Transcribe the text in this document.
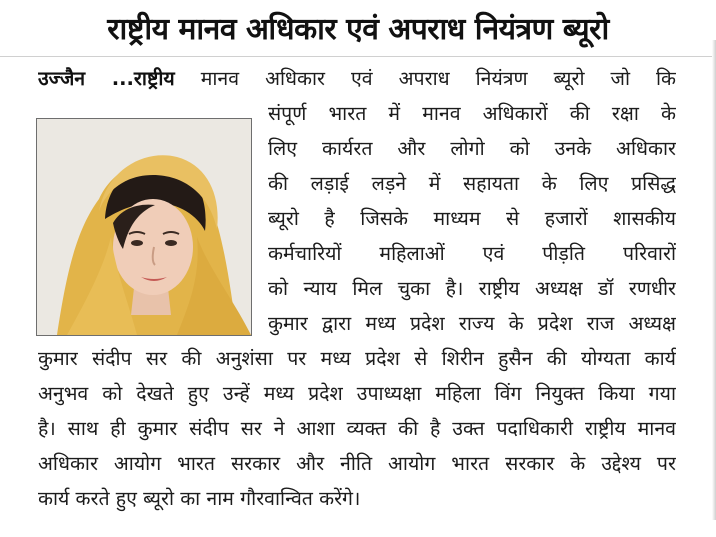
राष्ट्रीय मानव अधिकार एवं अपराध नियंत्रण ब्यूरो
उज्जैन ...राष्ट्रीय मानव अधिकार एवं अपराध नियंत्रण ब्यूरो जो कि
संपूर्ण भारत में मानव अधिकारों की रक्षा के
लिए कार्यरत और लोगो को उनके अधिकार
की लड़ाई लड़ने में सहायता के लिए प्रसिद्ध
ब्यूरो है जिसके माध्यम से हजारों शासकीय
कर्मचारियों महिलाओं एवं पीड़ति परिवारों
को न्याय मिल चुका है। राष्ट्रीय अध्यक्ष डॉ रणधीर
कुमार द्वारा मध्य प्रदेश राज्य के प्रदेश राज अध्यक्ष
कुमार संदीप सर की अनुशंसा पर मध्य प्रदेश से शिरीन हुसैन की योग्यता कार्य
अनुभव को देखते हुए उन्हें मध्य प्रदेश उपाध्यक्षा महिला विंग नियुक्त किया गया
है। साथ ही कुमार संदीप सर ने आशा व्यक्त की है उक्त पदाधिकारी राष्ट्रीय मानव
अधिकार आयोग भारत सरकार और नीति आयोग भारत सरकार के उद्देश्य पर
कार्य करते हुए ब्यूरो का नाम गौरवान्वित करेंगे।
